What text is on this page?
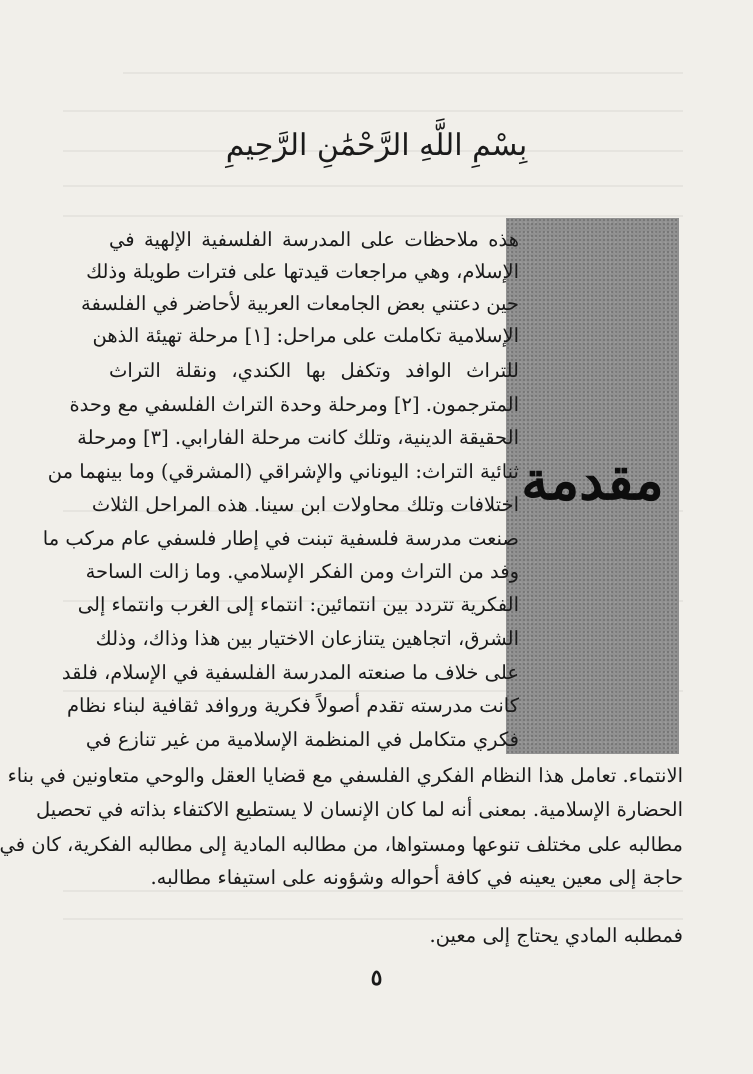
بِسْمِ اللَّهِ الرَّحْمَٰنِ الرَّحِيمِ
مقدمة
هذه ملاحظات على المدرسة الفلسفية الإلهية في
الإسلام، وهي مراجعات قيدتها على فترات طويلة وذلك
حين دعتني بعض الجامعات العربية لأحاضر في الفلسفة
الإسلامية تكاملت على مراحل: [١] مرحلة تهيئة الذهن
للتراث الوافد وتكفل بها الكندي، ونقلة التراث
المترجمون. [٢] ومرحلة وحدة التراث الفلسفي مع وحدة
الحقيقة الدينية، وتلك كانت مرحلة الفارابي. [٣] ومرحلة
ثنائية التراث: اليوناني والإشراقي (المشرقي) وما بينهما من
اختلافات وتلك محاولات ابن سينا. هذه المراحل الثلاث
صنعت مدرسة فلسفية تبنت في إطار فلسفي عام مركب ما
وفد من التراث ومن الفكر الإسلامي. وما زالت الساحة
الفكرية تتردد بين انتمائين: انتماء إلى الغرب وانتماء إلى
الشرق، اتجاهين يتنازعان الاختيار بين هذا وذاك، وذلك
على خلاف ما صنعته المدرسة الفلسفية في الإسلام، فلقد
كانت مدرسته تقدم أصولاً فكرية وروافد ثقافية لبناء نظام
فكري متكامل في المنظمة الإسلامية من غير تنازع في
الانتماء. تعامل هذا النظام الفكري الفلسفي مع قضايا العقل والوحي متعاونين في بناء
الحضارة الإسلامية. بمعنى أنه لما كان الإنسان لا يستطيع الاكتفاء بذاته في تحصيل
مطالبه على مختلف تنوعها ومستواها، من مطالبه المادية إلى مطالبه الفكرية، كان في
حاجة إلى معين يعينه في كافة أحواله وشؤونه على استيفاء مطالبه.
فمطلبه المادي يحتاج إلى معين.
٥
